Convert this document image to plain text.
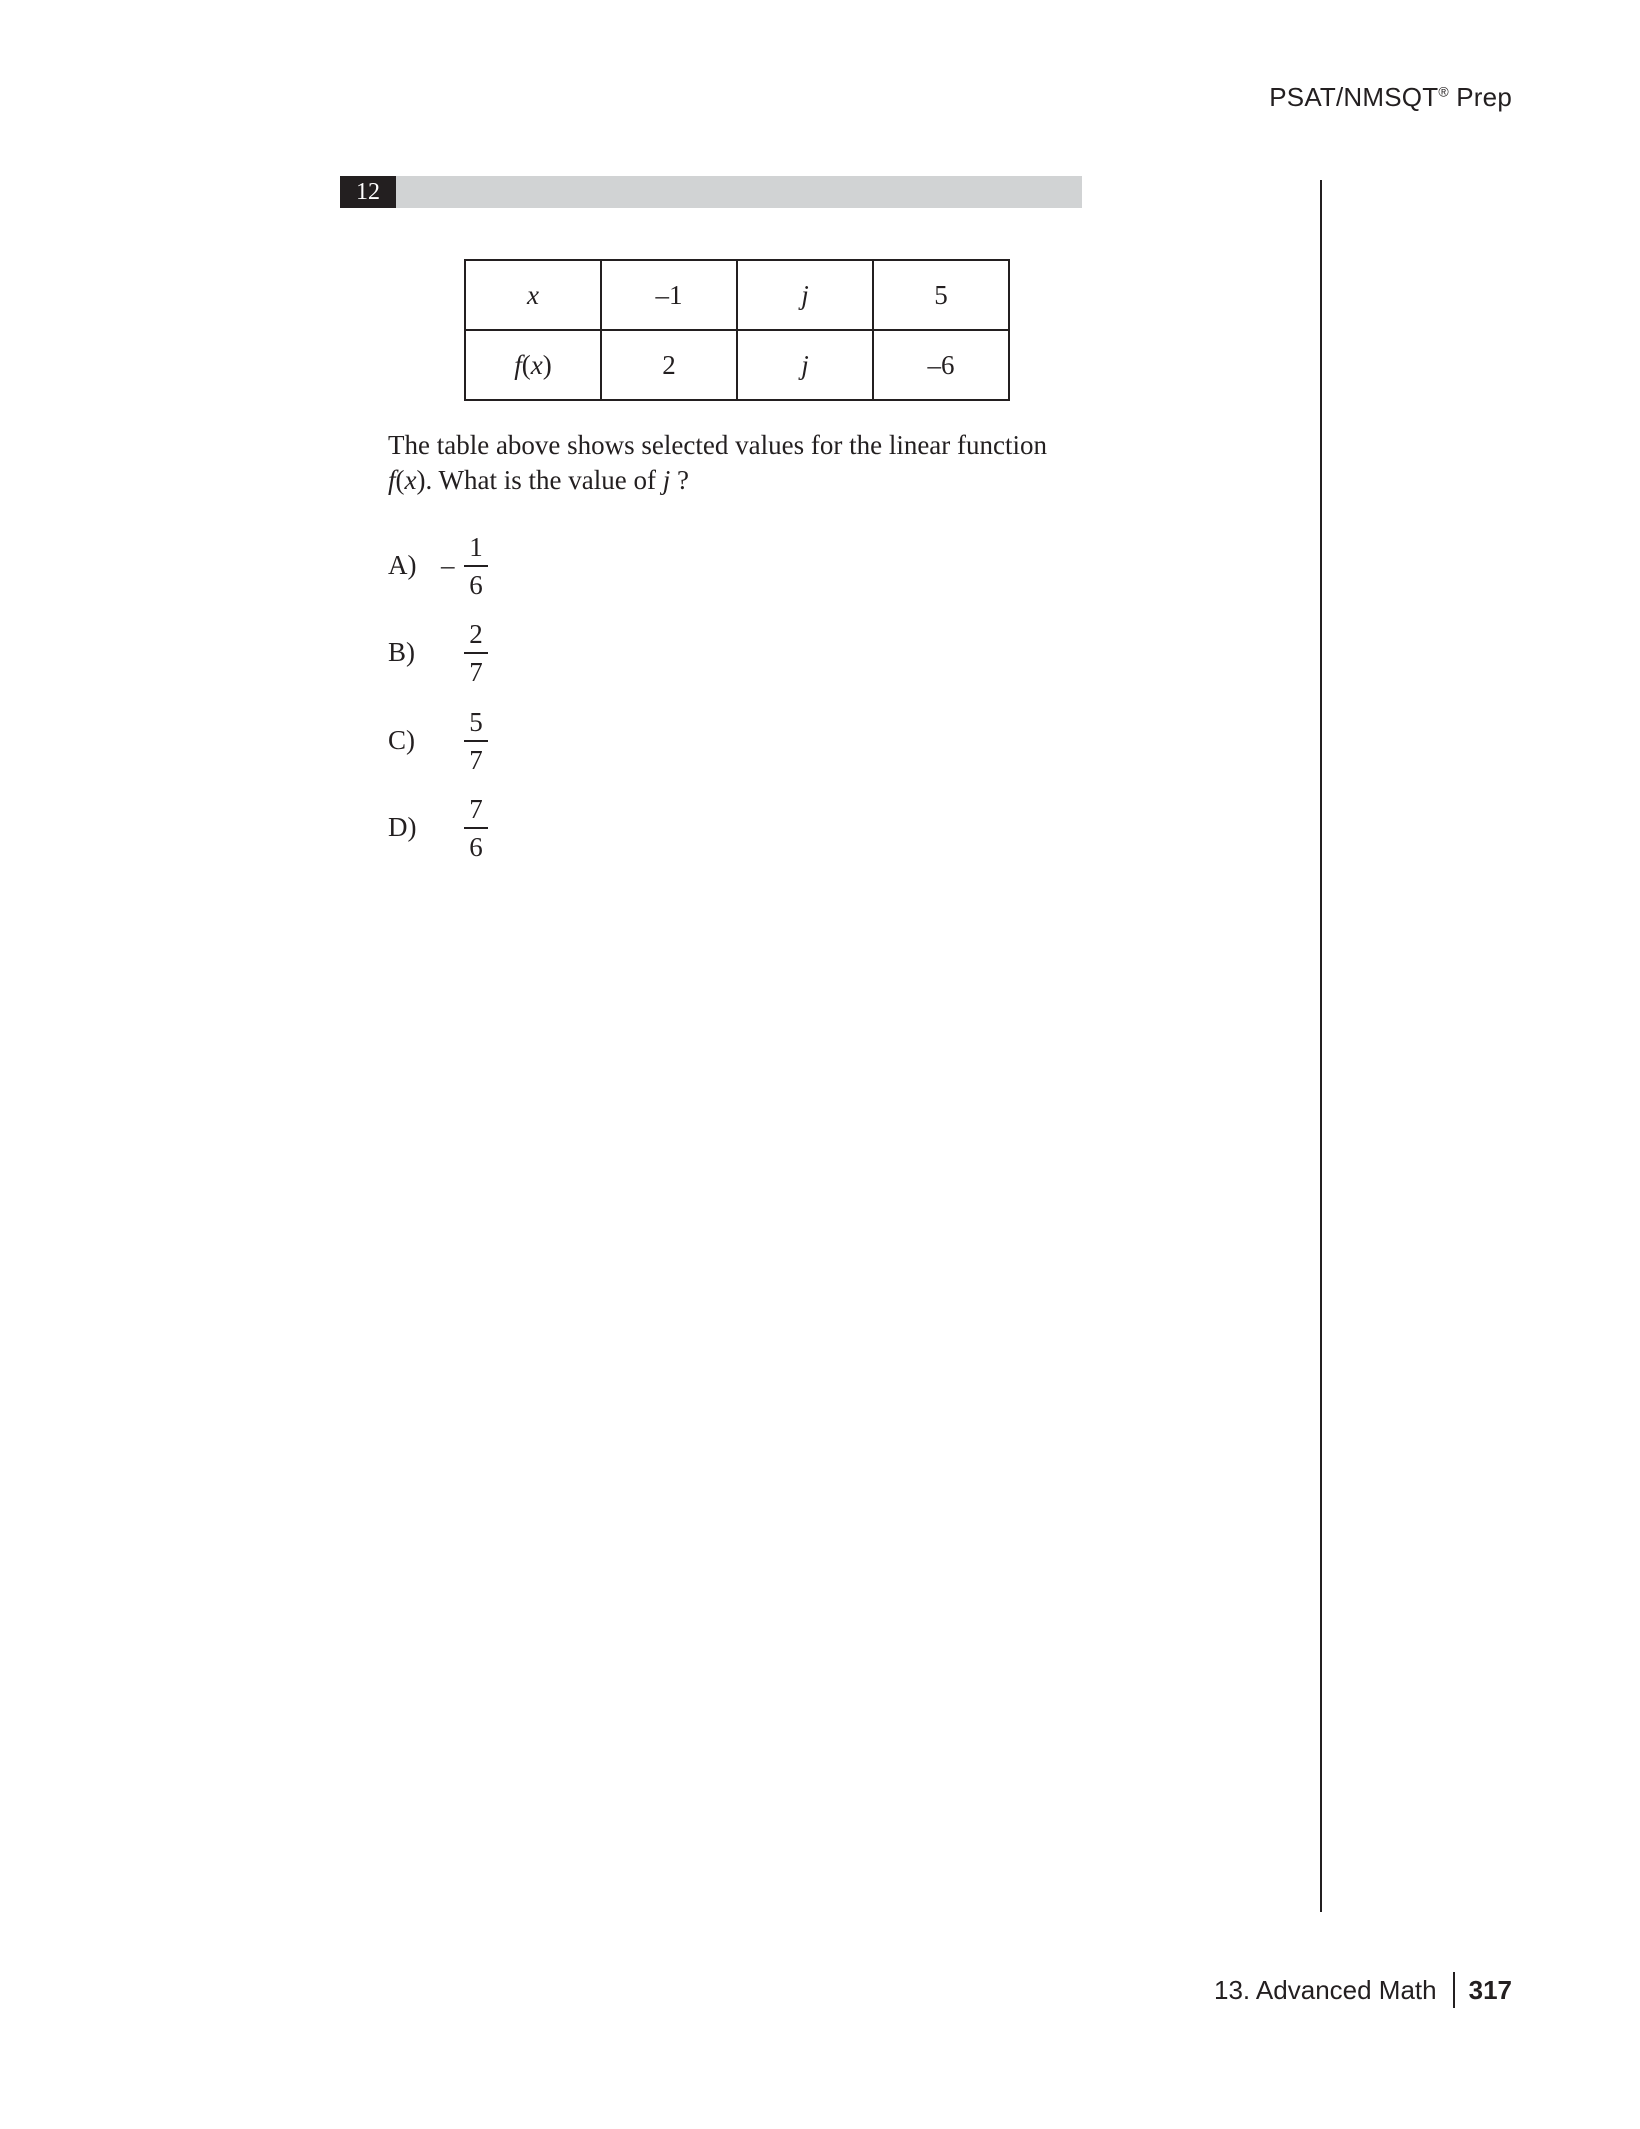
PSAT/NMSQT® Prep
12
x	–1	j	5
f(x)	2	j	–6
The table above shows selected values for the linear function f(x). What is the value of j ?
$A) - \frac{1}{6}$
B)	$\frac{2}{7}$
C)	$\frac{5}{7}$
D)	$\frac{7}{6}$
13. Advanced Math 317
